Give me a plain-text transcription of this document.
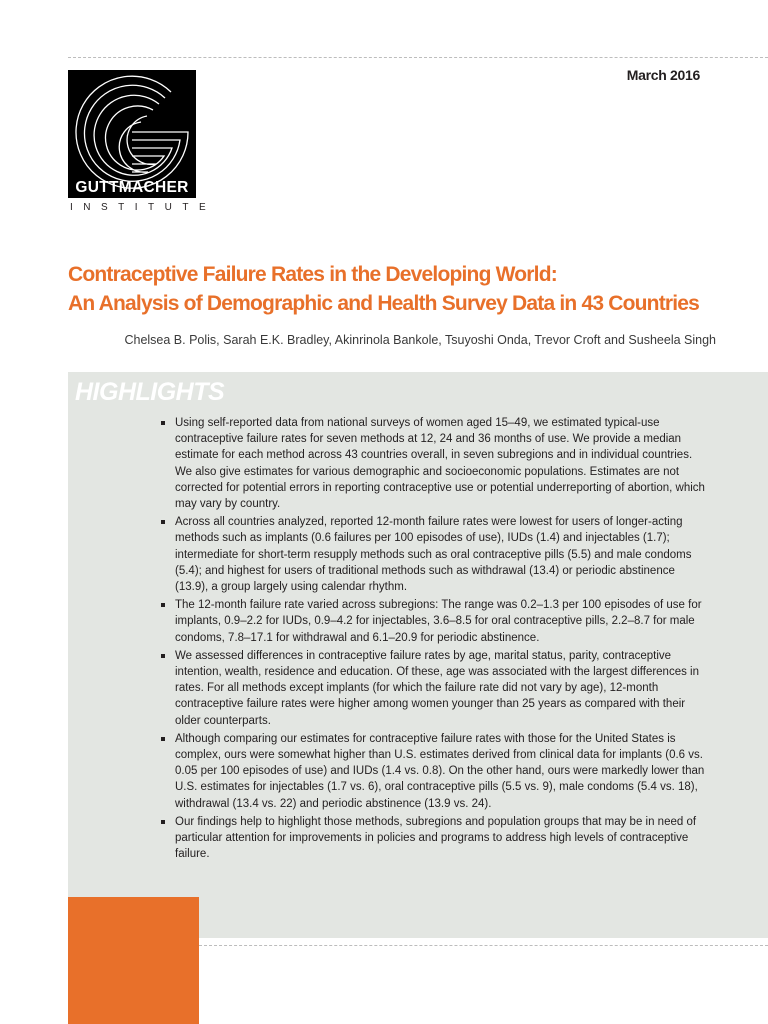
March 2016
GUTTMACHER
INSTITUTE
Contraceptive Failure Rates in the Developing World:
An Analysis of Demographic and Health Survey Data in 43 Countries
Chelsea B. Polis, Sarah E.K. Bradley, Akinrinola Bankole, Tsuyoshi Onda, Trevor Croft and Susheela Singh
HIGHLIGHTS
Using self-reported data from national surveys of women aged 15–49, we estimated typical-use contraceptive failure rates for seven methods at 12, 24 and 36 months of use. We provide a median estimate for each method across 43 countries overall, in seven subregions and in individual countries. We also give estimates for various demographic and socioeconomic populations. Estimates are not corrected for potential errors in reporting contraceptive use or potential underreporting of abortion, which may vary by country.
Across all countries analyzed, reported 12-month failure rates were lowest for users of longer-acting methods such as implants (0.6 failures per 100 episodes of use), IUDs (1.4) and injectables (1.7); intermediate for short-term resupply methods such as oral contraceptive pills (5.5) and male condoms (5.4); and highest for users of traditional methods such as withdrawal (13.4) or periodic abstinence (13.9), a group largely using calendar rhythm.
The 12-month failure rate varied across subregions: The range was 0.2–1.3 per 100 episodes of use for implants, 0.9–2.2 for IUDs, 0.9–4.2 for injectables, 3.6–8.5 for oral contraceptive pills, 2.2–8.7 for male condoms, 7.8–17.1 for withdrawal and 6.1–20.9 for periodic abstinence.
We assessed differences in contraceptive failure rates by age, marital status, parity, contraceptive intention, wealth, residence and education. Of these, age was associated with the largest differences in rates. For all methods except implants (for which the failure rate did not vary by age), 12-month contraceptive failure rates were higher among women younger than 25 years as compared with their older counterparts.
Although comparing our estimates for contraceptive failure rates with those for the United States is complex, ours were somewhat higher than U.S. estimates derived from clinical data for implants (0.6 vs. 0.05 per 100 episodes of use) and IUDs (1.4 vs. 0.8). On the other hand, ours were markedly lower than U.S. estimates for injectables (1.7 vs. 6), oral contraceptive pills (5.5 vs. 9), male condoms (5.4 vs. 18), withdrawal (13.4 vs. 22) and periodic abstinence (13.9 vs. 24).
Our findings help to highlight those methods, subregions and population groups that may be in need of particular attention for improvements in policies and programs to address high levels of contraceptive failure.
